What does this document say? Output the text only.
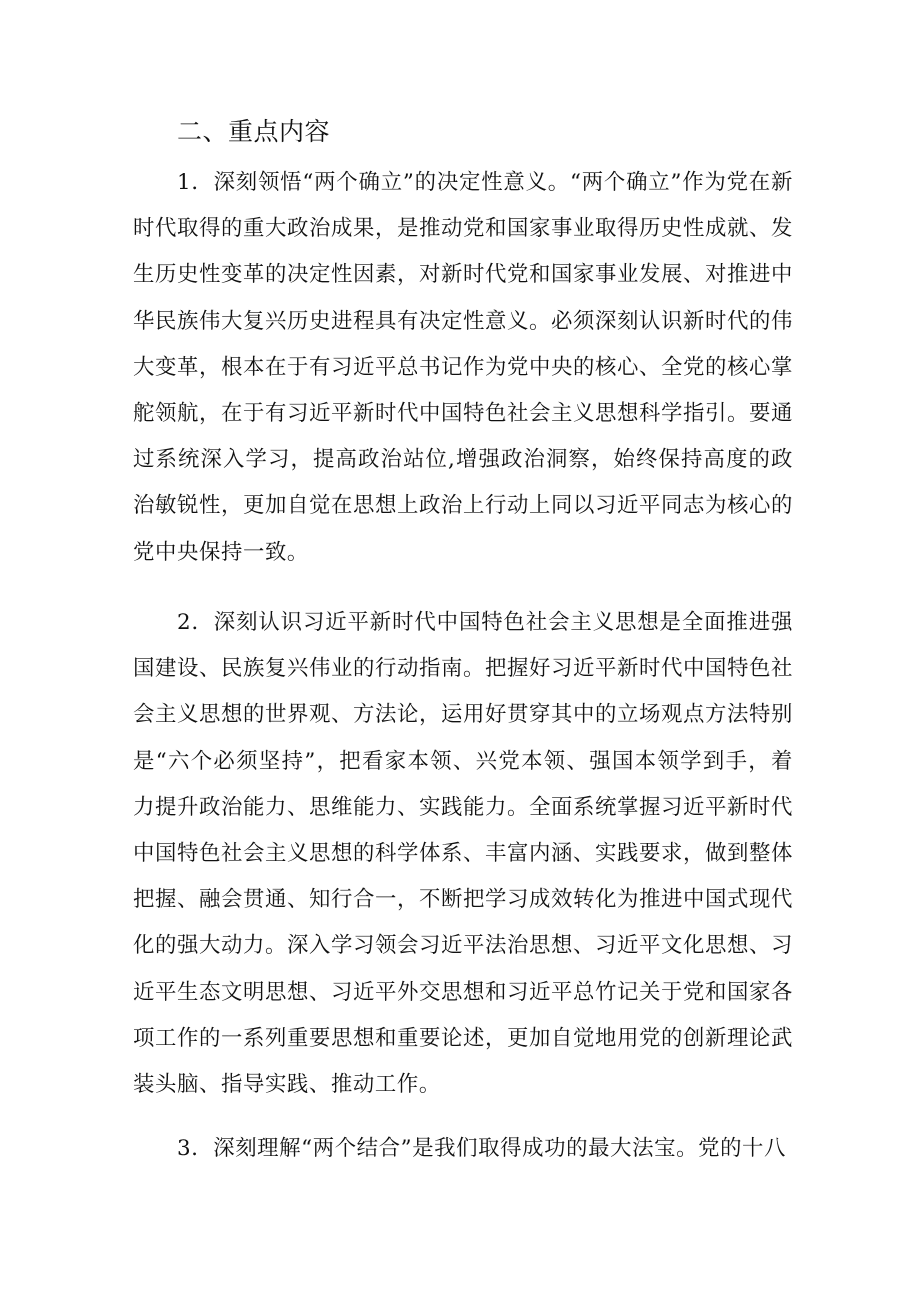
二、重点内容

1．深刻领悟“两个确立”的决定性意义。“两个确立”作为党在新时代取得的重大政治成果，是推动党和国家事业取得历史性成就、发生历史性变革的决定性因素，对新时代党和国家事业发展、对推进中华民族伟大复兴历史进程具有决定性意义。必须深刻认识新时代的伟大变革，根本在于有习近平总书记作为党中央的核心、全党的核心掌舵领航，在于有习近平新时代中国特色社会主义思想科学指引。要通过系统深入学习，提高政治站位,增强政治洞察，始终保持高度的政治敏锐性，更加自觉在思想上政治上行动上同以习近平同志为核心的党中央保持一致。

2．深刻认识习近平新时代中国特色社会主义思想是全面推进强国建设、民族复兴伟业的行动指南。把握好习近平新时代中国特色社会主义思想的世界观、方法论，运用好贯穿其中的立场观点方法特别是“六个必须坚持”，把看家本领、兴党本领、强国本领学到手，着力提升政治能力、思维能力、实践能力。全面系统掌握习近平新时代中国特色社会主义思想的科学体系、丰富内涵、实践要求，做到整体把握、融会贯通、知行合一，不断把学习成效转化为推进中国式现代化的强大动力。深入学习领会习近平法治思想、习近平文化思想、习近平生态文明思想、习近平外交思想和习近平总竹记关于党和国家各项工作的一系列重要思想和重要论述，更加自觉地用党的创新理论武装头脑、指导实践、推动工作。

3．深刻理解“两个结合”是我们取得成功的最大法宝。党的十八
